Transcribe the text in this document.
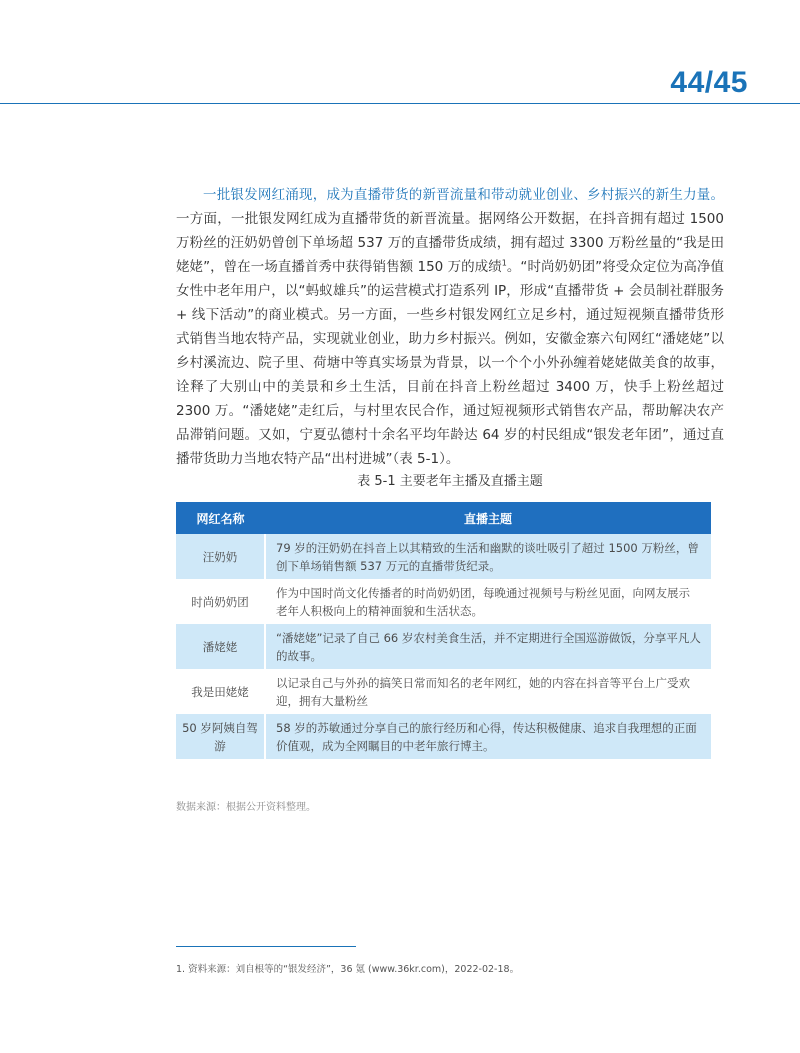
44/45

一批银发网红涌现，成为直播带货的新晋流量和带动就业创业、乡村振兴的新生力量。一方面，一批银发网红成为直播带货的新晋流量。据网络公开数据，在抖音拥有超过 1500 万粉丝的汪奶奶曾创下单场超 537 万的直播带货成绩，拥有超过 3300 万粉丝量的“我是田姥姥”，曾在一场直播首秀中获得销售额 150 万的成绩$^1$。“时尚奶奶团”将受众定位为高净值女性中老年用户，以“蚂蚁雄兵”的运营模式打造系列 IP，形成“直播带货 + 会员制社群服务 + 线下活动”的商业模式。另一方面，一些乡村银发网红立足乡村，通过短视频直播带货形式销售当地农特产品，实现就业创业，助力乡村振兴。例如，安徽金寨六旬网红“潘姥姥”以乡村溪流边、院子里、荷塘中等真实场景为背景，以一个个小外孙缠着姥姥做美食的故事，诠释了大别山中的美景和乡土生活，目前在抖音上粉丝超过 3400 万，快手上粉丝超过 2300 万。“潘姥姥”走红后，与村里农民合作，通过短视频形式销售农产品，帮助解决农产品滞销问题。又如，宁夏弘德村十余名平均年龄达 64 岁的村民组成“银发老年团”，通过直播带货助力当地农特产品“出村进城”（表 5-1）。

表 5-1 主要老年主播及直播主题
网红名称	直播主题
汪奶奶	79 岁的汪奶奶在抖音上以其精致的生活和幽默的谈吐吸引了超过 1500 万粉丝，曾创下单场销售额 537 万元的直播带货纪录。
时尚奶奶团	作为中国时尚文化传播者的时尚奶奶团，每晚通过视频号与粉丝见面，向网友展示老年人积极向上的精神面貌和生活状态。
潘姥姥	“潘姥姥”记录了自己 66 岁农村美食生活，并不定期进行全国巡游做饭，分享平凡人的故事。
我是田姥姥	以记录自己与外孙的搞笑日常而知名的老年网红，她的内容在抖音等平台上广受欢迎，拥有大量粉丝
50 岁阿姨自驾游	58 岁的苏敏通过分享自己的旅行经历和心得，传达积极健康、追求自我理想的正面价值观，成为全网瞩目的中老年旅行博主。
数据来源：根据公开资料整理。
1. 资料来源：刘自根等的“银发经济”，36 氪 (www.36kr.com)，2022-02-18。
